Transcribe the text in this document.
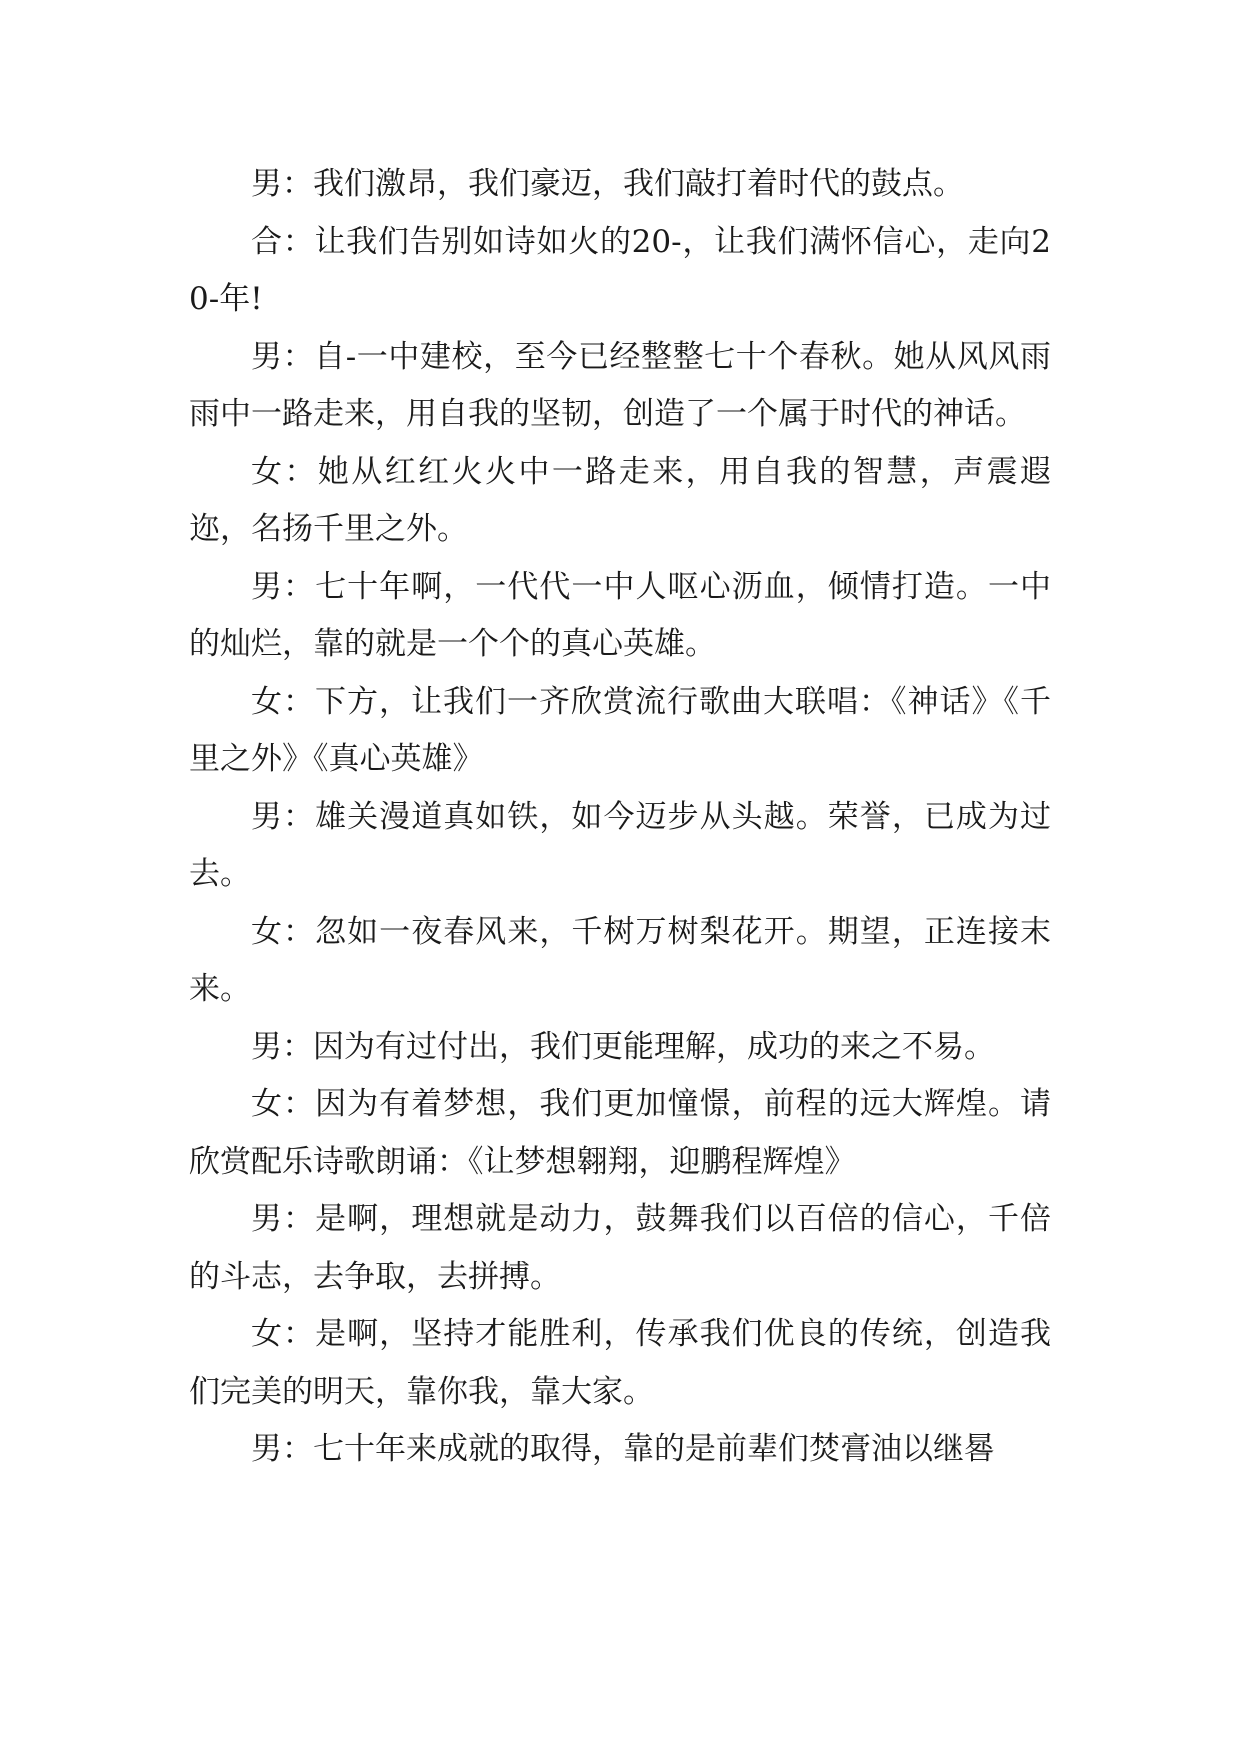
男：我们激昂，我们豪迈，我们敲打着时代的鼓点。

合：让我们告别如诗如火的20-，让我们满怀信心，走向20-年!

男：自-一中建校，至今已经整整七十个春秋。她从风风雨雨中一路走来，用自我的坚韧，创造了一个属于时代的神话。

女：她从红红火火中一路走来，用自我的智慧，声震遐迩，名扬千里之外。

男：七十年啊，一代代一中人呕心沥血，倾情打造。一中的灿烂，靠的就是一个个的真心英雄。

女：下方，让我们一齐欣赏流行歌曲大联唱：《神话》《千里之外》《真心英雄》

男：雄关漫道真如铁，如今迈步从头越。荣誉，已成为过去。

女：忽如一夜春风来，千树万树梨花开。期望，正连接末来。

男：因为有过付出，我们更能理解，成功的来之不易。

女：因为有着梦想，我们更加憧憬，前程的远大辉煌。请欣赏配乐诗歌朗诵：《让梦想翱翔，迎鹏程辉煌》

男：是啊，理想就是动力，鼓舞我们以百倍的信心，千倍的斗志，去争取，去拼搏。

女：是啊，坚持才能胜利，传承我们优良的传统，创造我们完美的明天，靠你我，靠大家。

男：七十年来成就的取得，靠的是前辈们焚膏油以继晷
